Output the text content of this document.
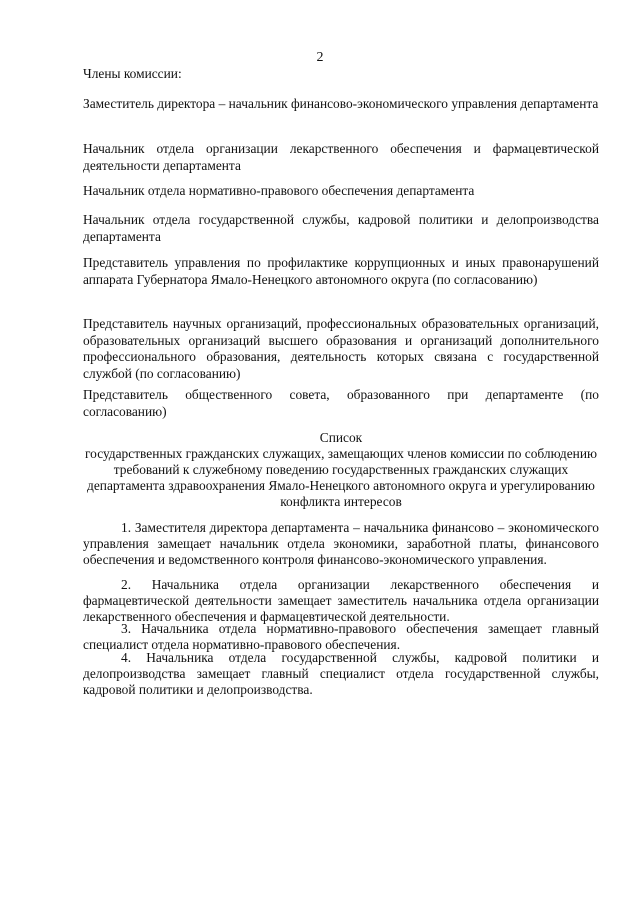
2
Члены комиссии:
Заместитель директора – начальник финансово-экономического управления департамента
Начальник отдела организации лекарственного обеспечения и фармацевтической деятельности департамента
Начальник отдела нормативно-правового обеспечения департамента
Начальник отдела государственной службы, кадровой политики и делопроизводства департамента
Представитель управления по профилактике коррупционных и иных правонарушений аппарата Губернатора Ямало-Ненецкого автономного округа (по согласованию)
Представитель научных организаций, профессиональных образовательных организаций, образовательных организаций высшего образования и организаций дополнительного профессионального образования, деятельность которых связана с государственной службой (по согласованию)
Представитель общественного совета, образованного при департаменте (по согласованию)
Список
государственных гражданских служащих, замещающих членов комиссии по соблюдению требований к служебному поведению государственных гражданских служащих департамента здравоохранения Ямало-Ненецкого автономного округа и урегулированию конфликта интересов
1. Заместителя директора департамента – начальника финансово – экономического управления замещает начальник отдела экономики, заработной платы, финансового обеспечения и ведомственного контроля финансово-экономического управления.
2. Начальника отдела организации лекарственного обеспечения и фармацевтической деятельности замещает заместитель начальника отдела организации лекарственного обеспечения и фармацевтической деятельности.
3. Начальника отдела нормативно-правового обеспечения замещает главный специалист отдела нормативно-правового обеспечения.
4. Начальника отдела государственной службы, кадровой политики и делопроизводства замещает главный специалист отдела государственной службы, кадровой политики и делопроизводства.
